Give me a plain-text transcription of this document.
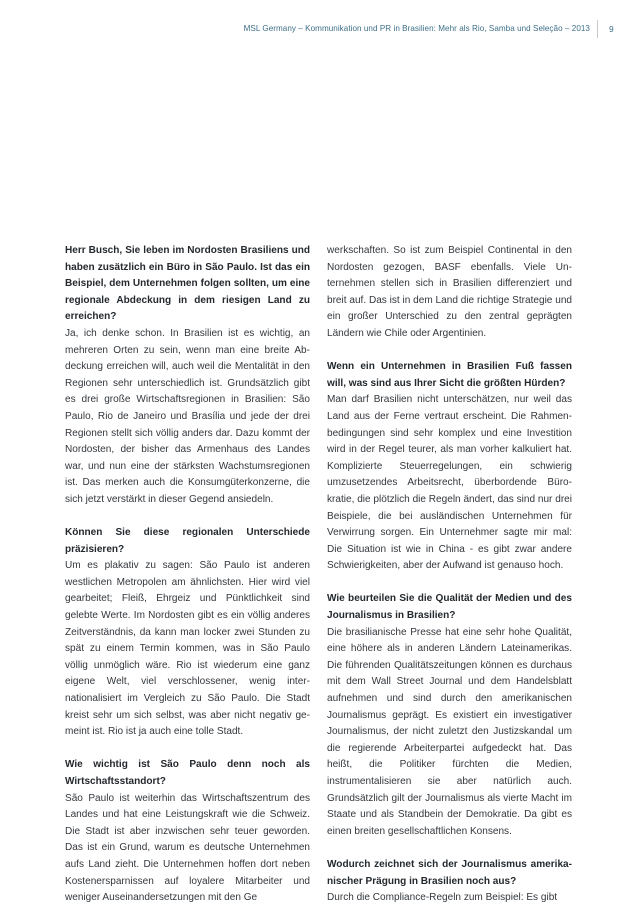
MSL Germany – Kommunikation und PR in Brasilien: Mehr als Rio, Samba und Seleção – 2013 9

Herr Busch, Sie leben im Nordosten Brasiliens und haben zusätzlich ein Büro in São Paulo. Ist das ein Beispiel, dem Unternehmen folgen sollten, um eine regionale Abdeckung in dem riesigen Land zu erreichen?

Ja, ich denke schon. In Brasilien ist es wichtig, an mehreren Orten zu sein, wenn man eine breite Abdeckung erreichen will, auch weil die Mentalität in den Regionen sehr unterschiedlich ist. Grundsätzlich gibt es drei große Wirtschaftsregionen in Brasilien: São Paulo, Rio de Janeiro und Brasília und jede der drei Regionen stellt sich völlig anders dar. Dazu kommt der Nordosten, der bisher das Armenhaus des Landes war, und nun eine der stärksten Wachstumsregionen ist. Das merken auch die Konsumgüterkonzerne, die sich jetzt verstärkt in dieser Gegend ansiedeln.

Können Sie diese regionalen Unterschiede präzisieren?

Um es plakativ zu sagen: São Paulo ist anderen westlichen Metropolen am ähnlichsten. Hier wird viel gearbeitet; Fleiß, Ehrgeiz und Pünktlichkeit sind gelebte Werte. Im Nordosten gibt es ein völlig anderes Zeitverständnis, da kann man locker zwei Stunden zu spät zu einem Termin kommen, was in São Paulo völlig unmöglich wäre. Rio ist wiederum eine ganz eigene Welt, viel verschlossener, wenig internationalisiert im Vergleich zu São Paulo. Die Stadt kreist sehr um sich selbst, was aber nicht negativ gemeint ist. Rio ist ja auch eine tolle Stadt.

Wie wichtig ist São Paulo denn noch als Wirtschaftsstandort?

São Paulo ist weiterhin das Wirtschaftszentrum des Landes und hat eine Leistungskraft wie die Schweiz. Die Stadt ist aber inzwischen sehr teuer geworden. Das ist ein Grund, warum es deutsche Unternehmen aufs Land zieht. Die Unternehmen hoffen dort neben Kostenersparnissen auf loyalere Mitarbeiter und weniger Auseinandersetzungen mit den Ge

werkschaften. So ist zum Beispiel Continental in den Nordosten gezogen, BASF ebenfalls. Viele Unternehmen stellen sich in Brasilien differenziert und breit auf. Das ist in dem Land die richtige Strategie und ein großer Unterschied zu den zentral geprägten Ländern wie Chile oder Argentinien.

Wenn ein Unternehmen in Brasilien Fuß fassen will, was sind aus Ihrer Sicht die größten Hürden?

Man darf Brasilien nicht unterschätzen, nur weil das Land aus der Ferne vertraut erscheint. Die Rahmenbedingungen sind sehr komplex und eine Investition wird in der Regel teurer, als man vorher kalkuliert hat. Komplizierte Steuerregelungen, ein schwierig umzusetzendes Arbeitsrecht, überbordende Bürokratie, die plötzlich die Regeln ändert, das sind nur drei Beispiele, die bei ausländischen Unternehmen für Verwirrung sorgen. Ein Unternehmer sagte mir mal: Die Situation ist wie in China - es gibt zwar andere Schwierigkeiten, aber der Aufwand ist genauso hoch.

Wie beurteilen Sie die Qualität der Medien und des Journalismus in Brasilien?

Die brasilianische Presse hat eine sehr hohe Qualität, eine höhere als in anderen Ländern Lateinamerikas. Die führenden Qualitätszeitungen können es durchaus mit dem Wall Street Journal und dem Handelsblatt aufnehmen und sind durch den amerikanischen Journalismus geprägt. Es existiert ein investigativer Journalismus, der nicht zuletzt den Justizskandal um die regierende Arbeiterpartei aufgedeckt hat. Das heißt, die Politiker fürchten die Medien, instrumentalisieren sie aber natürlich auch. Grundsätzlich gilt der Journalismus als vierte Macht im Staate und als Standbein der Demokratie. Da gibt es einen breiten gesellschaftlichen Konsens.

Wodurch zeichnet sich der Journalismus amerikanischer Prägung in Brasilien noch aus?

Durch die Compliance-Regeln zum Beispiel: Es gibt
